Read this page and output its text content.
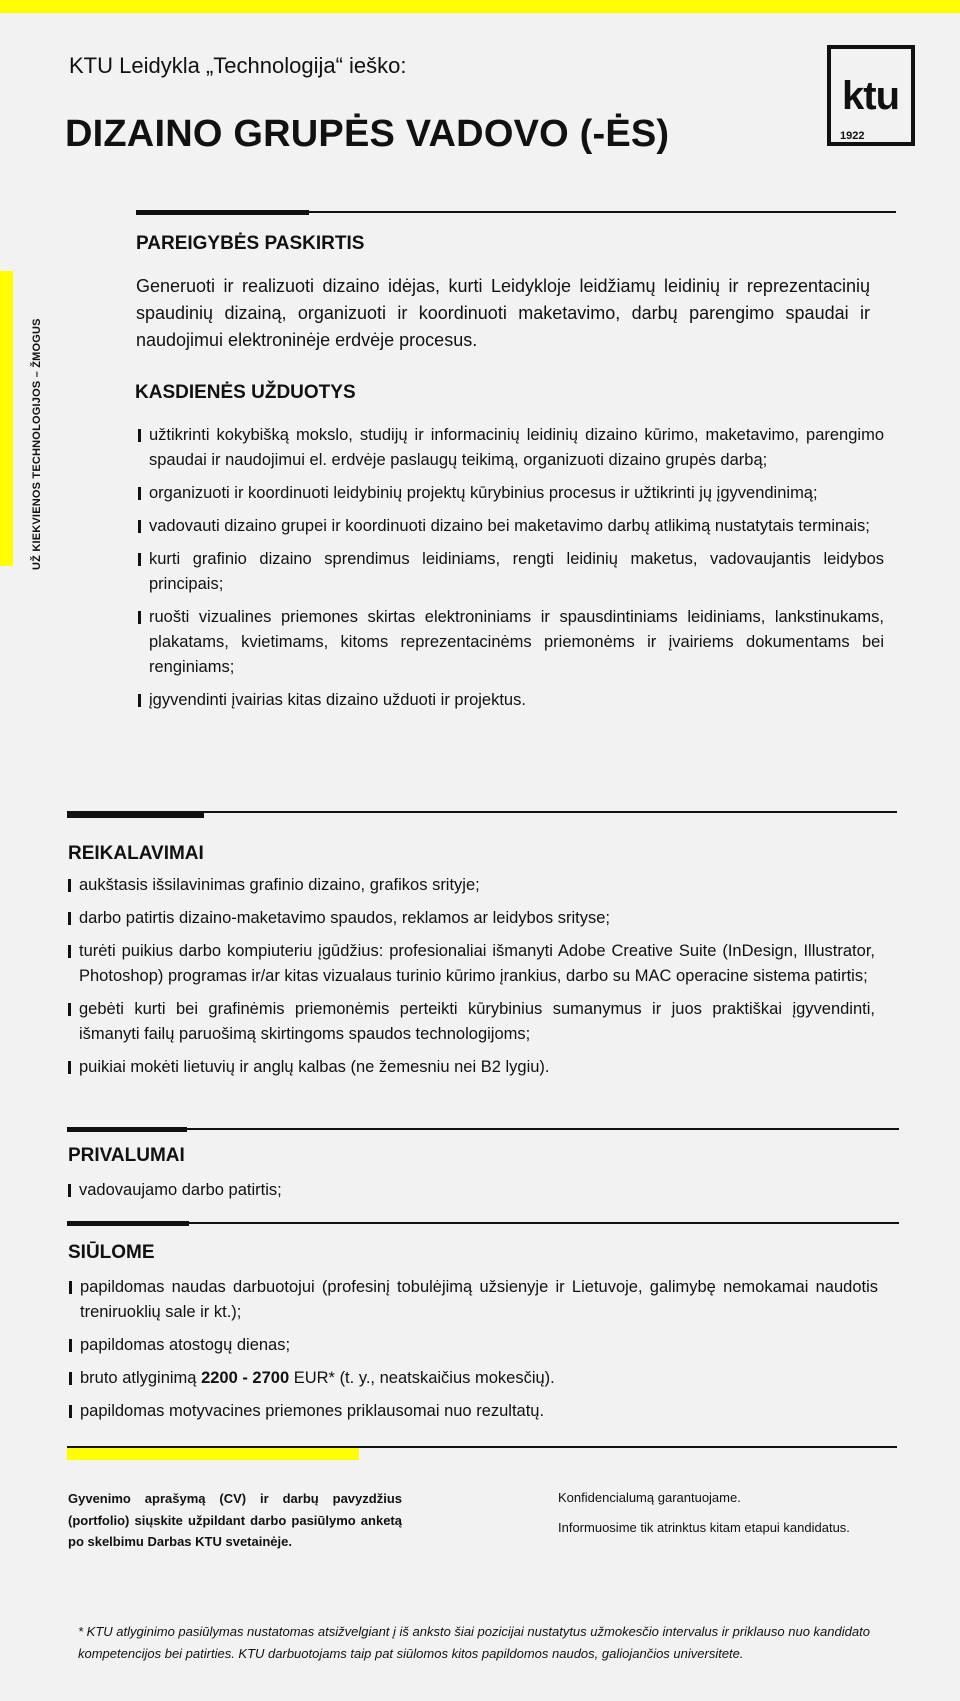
UŽ KIEKVIENOS TECHNOLOGIJOS – ŽMOGUS
KTU Leidykla „Technologija“ ieško:
DIZAINO GRUPĖS VADOVO (-ĖS)
ktu
1922
PAREIGYBĖS PASKIRTIS
Generuoti ir realizuoti dizaino idėjas, kurti Leidykloje leidžiamų leidinių ir reprezentacinių spaudinių dizainą, organizuoti ir koordinuoti maketavimo, darbų parengimo spaudai ir naudojimui elektroninėje erdvėje procesus.
KASDIENĖS UŽDUOTYS
užtikrinti kokybišką mokslo, studijų ir informacinių leidinių dizaino kūrimo, maketavimo, parengimo spaudai ir naudojimui el. erdvėje paslaugų teikimą, organizuoti dizaino grupės darbą;
organizuoti ir koordinuoti leidybinių projektų kūrybinius procesus ir užtikrinti jų įgyvendinimą;
vadovauti dizaino grupei ir koordinuoti dizaino bei maketavimo darbų atlikimą nustatytais terminais;
kurti grafinio dizaino sprendimus leidiniams, rengti leidinių maketus, vadovaujantis leidybos principais;
ruošti vizualines priemones skirtas elektroniniams ir spausdintiniams leidiniams, lankstinukams, plakatams, kvietimams, kitoms reprezentacinėms priemonėms ir įvairiems dokumentams bei renginiams;
įgyvendinti įvairias kitas dizaino užduoti ir projektus.
REIKALAVIMAI
aukštasis išsilavinimas grafinio dizaino, grafikos srityje;
darbo patirtis dizaino-maketavimo spaudos, reklamos ar leidybos srityse;
turėti puikius darbo kompiuteriu įgūdžius: profesionaliai išmanyti Adobe Creative Suite (InDesign, Illustrator, Photoshop) programas ir/ar kitas vizualaus turinio kūrimo įrankius, darbo su MAC operacine sistema patirtis;
gebėti kurti bei grafinėmis priemonėmis perteikti kūrybinius sumanymus ir juos praktiškai įgyvendinti, išmanyti failų paruošimą skirtingoms spaudos technologijoms;
puikiai mokėti lietuvių ir anglų kalbas (ne žemesniu nei B2 lygiu).
PRIVALUMAI
vadovaujamo darbo patirtis;
SIŪLOME
papildomas naudas darbuotojui (profesinį tobulėjimą užsienyje ir Lietuvoje, galimybę nemokamai naudotis treniruoklių sale ir kt.);
papildomas atostogų dienas;
bruto atlyginimą 2200 - 2700 EUR* (t. y., neatskaičius mokesčių).
papildomas motyvacines priemones priklausomai nuo rezultatų.
Gyvenimo aprašymą (CV) ir darbų pavyzdžius (portfolio) siųskite užpildant darbo pasiūlymo anketą po skelbimu Darbas KTU svetainėje.
Konfidencialumą garantuojame.
Informuosime tik atrinktus kitam etapui kandidatus.
* KTU atlyginimo pasiūlymas nustatomas atsižvelgiant į iš anksto šiai pozicijai nustatytus užmokesčio intervalus ir priklauso nuo kandidato kompetencijos bei patirties. KTU darbuotojams taip pat siūlomos kitos papildomos naudos, galiojančios universitete.
